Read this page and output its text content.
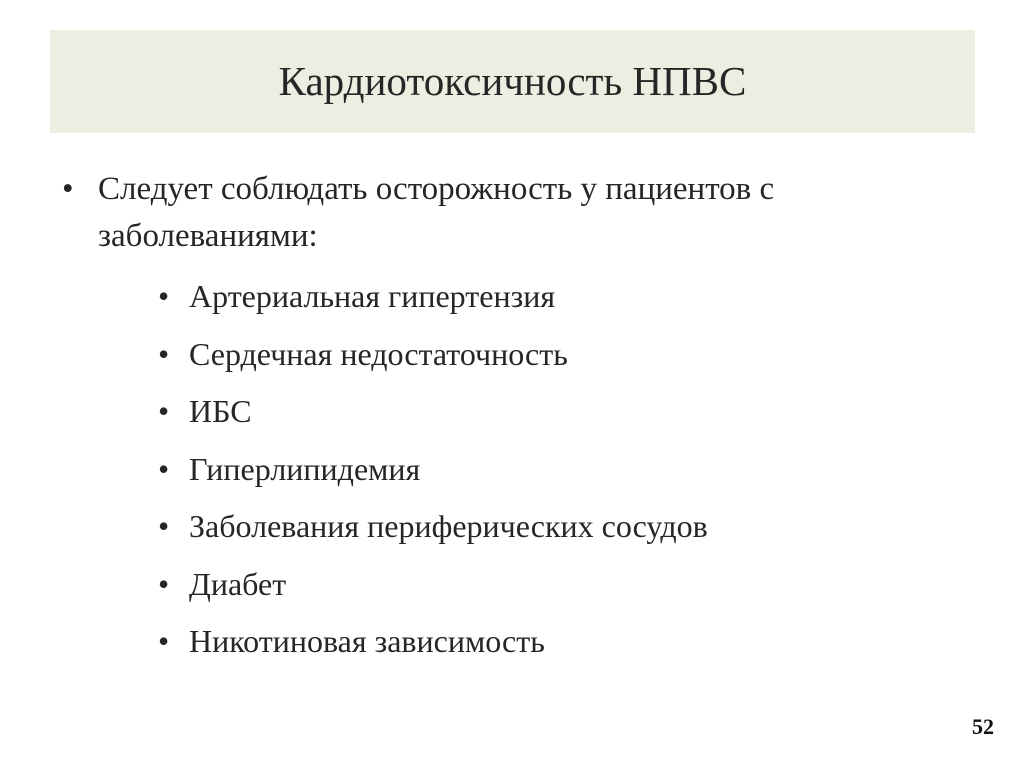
Кардиотоксичность НПВС
• Следует соблюдать осторожность у пациентов с заболеваниями:
• Артериальная гипертензия
• Сердечная недостаточность
• ИБС
• Гиперлипидемия
• Заболевания периферических сосудов
• Диабет
• Никотиновая зависимость
52
